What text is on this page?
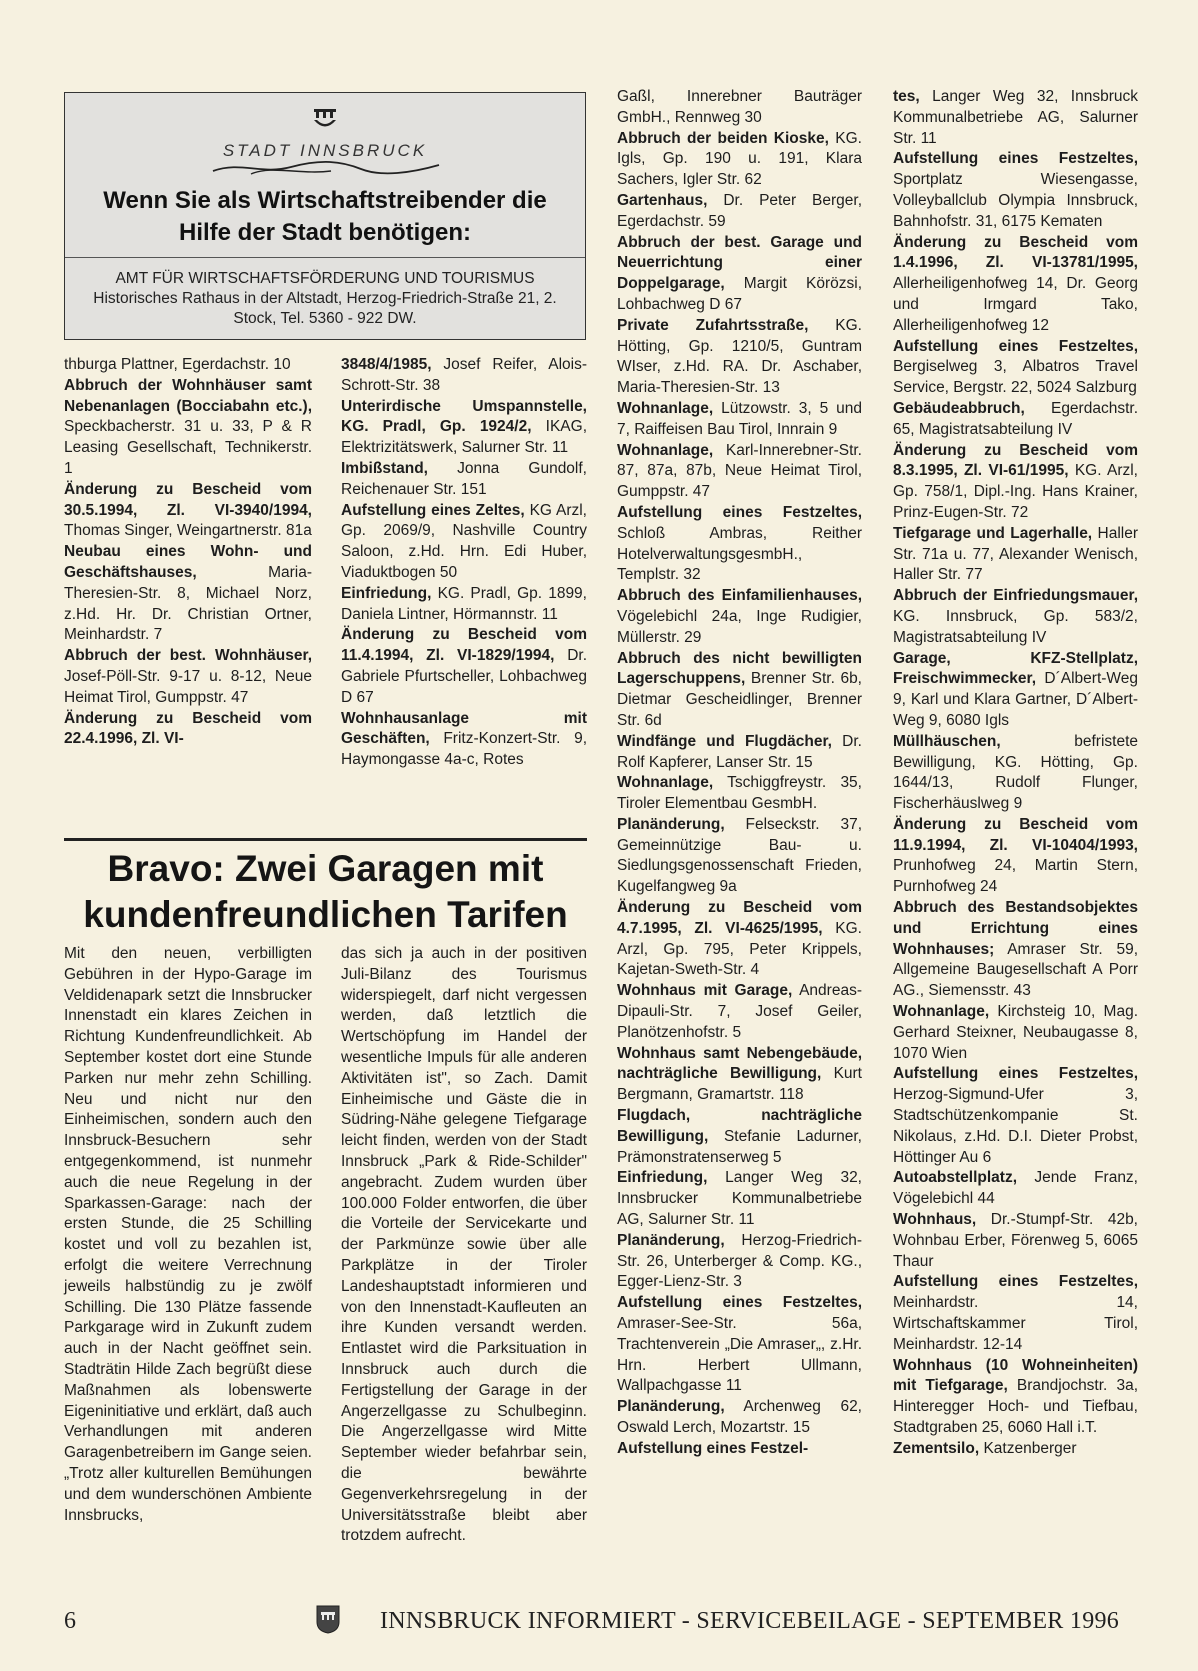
STADT INNSBRUCK
Wenn Sie als Wirtschaftstreibender die Hilfe der Stadt benötigen:
AMT FÜR WIRTSCHAFTSFÖRDERUNG UND TOURISMUS
Historisches Rathaus in der Altstadt, Herzog-Friedrich-Straße 21, 2. Stock, Tel. 5360 - 922 DW.

thburga Plattner, Egerdachstr. 10

Abbruch der Wohnhäuser samt Nebenanlagen (Bocciabahn etc.), Speckbacherstr. 31 u. 33, P & R Leasing Gesellschaft, Technikerstr. 1

Änderung zu Bescheid vom 30.5.1994, Zl. VI-3940/1994, Thomas Singer, Weingartnerstr. 81a

Neubau eines Wohn- und Geschäftshauses, Maria-Theresien-Str. 8, Michael Norz, z.Hd. Hr. Dr. Christian Ortner, Meinhardstr. 7

Abbruch der best. Wohnhäuser, Josef-Pöll-Str. 9-17 u. 8-12, Neue Heimat Tirol, Gumppstr. 47

Änderung zu Bescheid vom 22.4.1996, Zl. VI-

3848/4/1985, Josef Reifer, Alois-Schrott-Str. 38

Unterirdische Umspannstelle, KG. Pradl, Gp. 1924/2, IKAG, Elektrizitätswerk, Salurner Str. 11

Imbißstand, Jonna Gundolf, Reichenauer Str. 151

Aufstellung eines Zeltes, KG Arzl, Gp. 2069/9, Nashville Country Saloon, z.Hd. Hrn. Edi Huber, Viaduktbogen 50

Einfriedung, KG. Pradl, Gp. 1899, Daniela Lintner, Hörmannstr. 11

Änderung zu Bescheid vom 11.4.1994, Zl. VI-1829/1994, Dr. Gabriele Pfurtscheller, Lohbachweg D 67

Wohnhausanlage mit Geschäften, Fritz-Konzert-Str. 9, Haymongasse 4a-c, Rotes

Bravo: Zwei Garagen mit kundenfreundlichen Tarifen
Mit den neuen, verbilligten Gebühren in der Hypo-Garage im Veldidenapark setzt die Innsbrucker Innenstadt ein klares Zeichen in Richtung Kundenfreundlichkeit. Ab September kostet dort eine Stunde Parken nur mehr zehn Schilling. Neu und nicht nur den Einheimischen, sondern auch den Innsbruck-Besuchern sehr entgegenkommend, ist nunmehr auch die neue Regelung in der Sparkassen-Garage: nach der ersten Stunde, die 25 Schilling kostet und voll zu bezahlen ist, erfolgt die weitere Verrechnung jeweils halbstündig zu je zwölf Schilling. Die 130 Plätze fassende Parkgarage wird in Zukunft zudem auch in der Nacht geöffnet sein. Stadträtin Hilde Zach begrüßt diese Maßnahmen als lobenswerte Eigeninitiative und erklärt, daß auch Verhandlungen mit anderen Garagenbetreibern im Gange seien. „Trotz aller kulturellen Bemühungen und dem wunderschönen Ambiente Innsbrucks,
das sich ja auch in der positiven Juli-Bilanz des Tourismus widerspiegelt, darf nicht vergessen werden, daß letztlich die Wertschöpfung im Handel der wesentliche Impuls für alle anderen Aktivitäten ist", so Zach. Damit Einheimische und Gäste die in Südring-Nähe gelegene Tiefgarage leicht finden, werden von der Stadt Innsbruck „Park & Ride-Schilder" angebracht. Zudem wurden über 100.000 Folder entworfen, die über die Vorteile der Servicekarte und der Parkmünze sowie über alle Parkplätze in der Tiroler Landeshauptstadt informieren und von den Innenstadt-Kaufleuten an ihre Kunden versandt werden. Entlastet wird die Parksituation in Innsbruck auch durch die Fertigstellung der Garage in der Angerzellgasse zu Schulbeginn. Die Angerzellgasse wird Mitte September wieder befahrbar sein, die bewährte Gegenverkehrsregelung in der Universitätsstraße bleibt aber trotzdem aufrecht.

Gaßl, Innerebner Bauträger GmbH., Rennweg 30

Abbruch der beiden Kioske, KG. Igls, Gp. 190 u. 191, Klara Sachers, Igler Str. 62

Gartenhaus, Dr. Peter Berger, Egerdachstr. 59

Abbruch der best. Garage und Neuerrichtung einer Doppelgarage, Margit Körözsi, Lohbachweg D 67

Private Zufahrtsstraße, KG. Hötting, Gp. 1210/5, Guntram WIser, z.Hd. RA. Dr. Aschaber, Maria-Theresien-Str. 13

Wohnanlage, Lützowstr. 3, 5 und 7, Raiffeisen Bau Tirol, Innrain 9

Wohnanlage, Karl-Innerebner-Str. 87, 87a, 87b, Neue Heimat Tirol, Gumppstr. 47

Aufstellung eines Festzeltes, Schloß Ambras, Reither HotelverwaltungsgesmbH., Templstr. 32

Abbruch des Einfamilienhauses, Vögelebichl 24a, Inge Rudigier, Müllerstr. 29

Abbruch des nicht bewilligten Lagerschuppens, Brenner Str. 6b, Dietmar Gescheidlinger, Brenner Str. 6d

Windfänge und Flugdächer, Dr. Rolf Kapferer, Lanser Str. 15

Wohnanlage, Tschiggfreystr. 35, Tiroler Elementbau GesmbH.

Planänderung, Felseckstr. 37, Gemeinnützige Bau- u. Siedlungsgenossenschaft Frieden, Kugelfangweg 9a

Änderung zu Bescheid vom 4.7.1995, Zl. VI-4625/1995, KG. Arzl, Gp. 795, Peter Krippels, Kajetan-Sweth-Str. 4

Wohnhaus mit Garage, Andreas-Dipauli-Str. 7, Josef Geiler, Planötzenhofstr. 5

Wohnhaus samt Nebengebäude, nachträgliche Bewilligung, Kurt Bergmann, Gramartstr. 118

Flugdach, nachträgliche Bewilligung, Stefanie Ladurner, Prämonstratenserweg 5

Einfriedung, Langer Weg 32, Innsbrucker Kommunalbetriebe AG, Salurner Str. 11

Planänderung, Herzog-Friedrich-Str. 26, Unterberger & Comp. KG., Egger-Lienz-Str. 3

Aufstellung eines Festzeltes, Amraser-See-Str. 56a, Trachtenverein „Die Amraser„, z.Hr. Hrn. Herbert Ullmann, Wallpachgasse 11

Planänderung, Archenweg 62, Oswald Lerch, Mozartstr. 15

Aufstellung eines Festzel-

tes, Langer Weg 32, Innsbruck Kommunalbetriebe AG, Salurner Str. 11

Aufstellung eines Festzeltes, Sportplatz Wiesengasse, Volleyballclub Olympia Innsbruck, Bahnhofstr. 31, 6175 Kematen

Änderung zu Bescheid vom 1.4.1996, Zl. VI-13781/1995, Allerheiligenhofweg 14, Dr. Georg und Irmgard Tako, Allerheiligenhofweg 12

Aufstellung eines Festzeltes, Bergiselweg 3, Albatros Travel Service, Bergstr. 22, 5024 Salzburg

Gebäudeabbruch, Egerdachstr. 65, Magistratsabteilung IV

Änderung zu Bescheid vom 8.3.1995, Zl. VI-61/1995, KG. Arzl, Gp. 758/1, Dipl.-Ing. Hans Krainer, Prinz-Eugen-Str. 72

Tiefgarage und Lagerhalle, Haller Str. 71a u. 77, Alexander Wenisch, Haller Str. 77

Abbruch der Einfriedungsmauer, KG. Innsbruck, Gp. 583/2, Magistratsabteilung IV

Garage, KFZ-Stellplatz, Freischwimmecker, D´Albert-Weg 9, Karl und Klara Gartner, D´Albert-Weg 9, 6080 Igls

Müllhäuschen, befristete Bewilligung, KG. Hötting, Gp. 1644/13, Rudolf Flunger, Fischerhäuslweg 9

Änderung zu Bescheid vom 11.9.1994, Zl. VI-10404/1993, Prunhofweg 24, Martin Stern, Purnhofweg 24

Abbruch des Bestandsobjektes und Errichtung eines Wohnhauses; Amraser Str. 59, Allgemeine Baugesellschaft A Porr AG., Siemensstr. 43

Wohnanlage, Kirchsteig 10, Mag. Gerhard Steixner, Neubaugasse 8, 1070 Wien

Aufstellung eines Festzeltes, Herzog-Sigmund-Ufer 3, Stadtschützenkompanie St. Nikolaus, z.Hd. D.I. Dieter Probst, Höttinger Au 6

Autoabstellplatz, Jende Franz, Vögelebichl 44

Wohnhaus, Dr.-Stumpf-Str. 42b, Wohnbau Erber, Förenweg 5, 6065 Thaur

Aufstellung eines Festzeltes, Meinhardstr. 14, Wirtschaftskammer Tirol, Meinhardstr. 12-14

Wohnhaus (10 Wohneinheiten) mit Tiefgarage, Brandjochstr. 3a, Hinteregger Hoch- und Tiefbau, Stadtgraben 25, 6060 Hall i.T.

Zementsilo, Katzenberger

6	INNSBRUCK INFORMIERT - SERVICEBEILAGE - SEPTEMBER 1996
